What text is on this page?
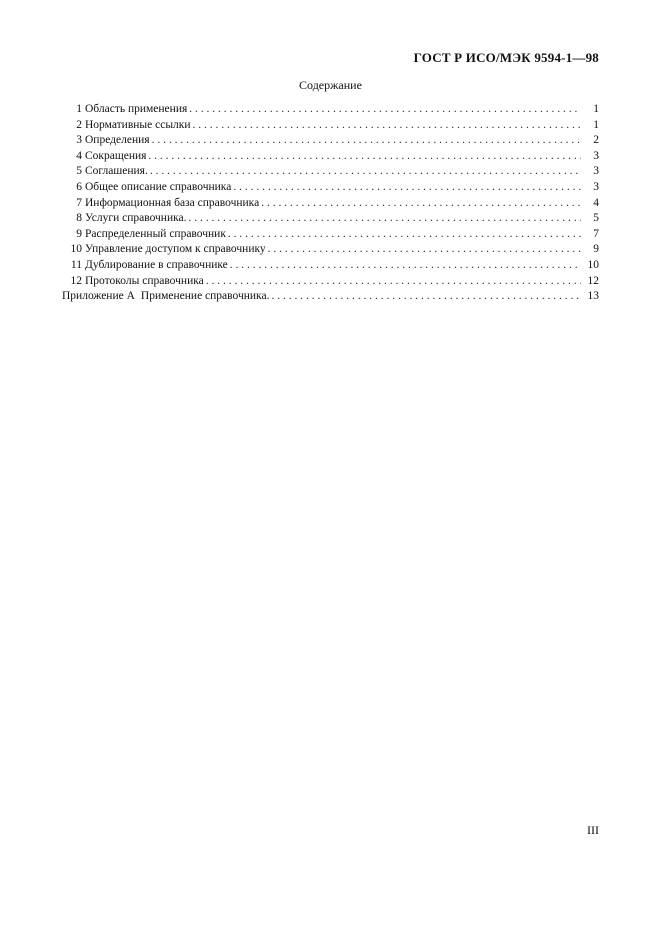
ГОСТ Р ИСО/МЭК 9594-1—98
Содержание
1 Область применения . . .	1
2 Нормативные ссылки . . .	1
3 Определения . . .	2
4 Сокращения . . .	3
5 Соглашения. . . .	3
6 Общее описание справочника . . .	3
7 Информационная база справочника . . .	4
8 Услуги справочника. . . .	5
9 Распределенный справочник . . .	7
10 Управление доступом к справочнику . . .	9
11 Дублирование в справочнике . . .	10
12 Протоколы справочника . . .	12
Приложение А Применение справочника. . . .	13
III
